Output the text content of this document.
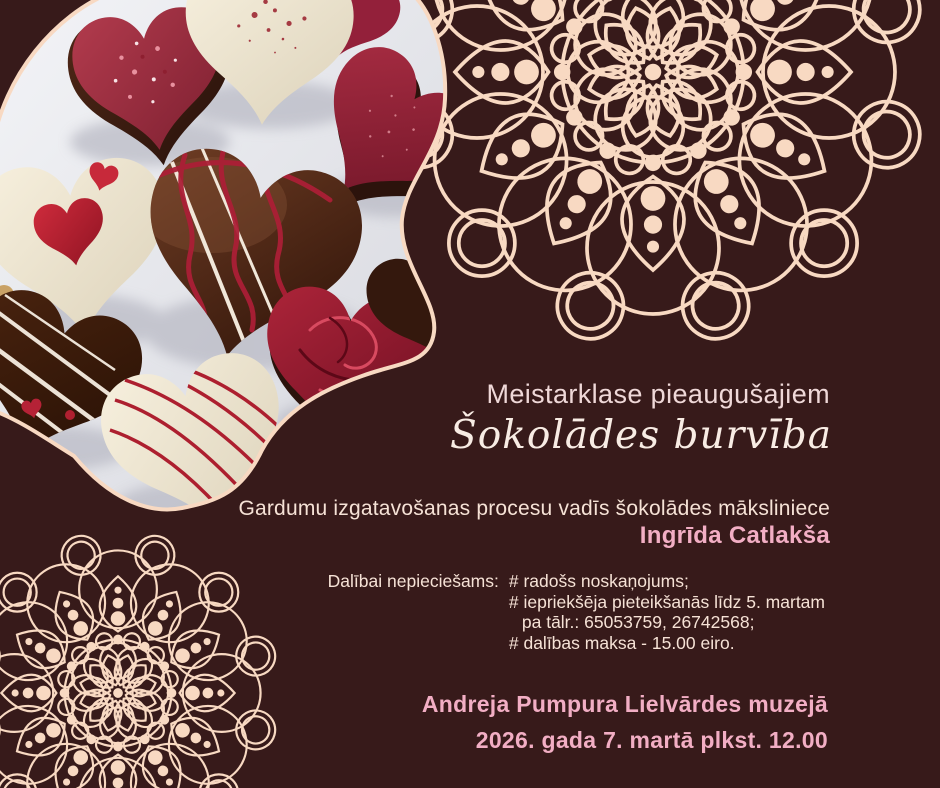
Meistarklase pieaugušajiem
Šokolādes burvība
Gardumu izgatavošanas procesu vadīs šokolādes māksliniece
Ingrīda Catlakša
Dalībai nepieciešams: # radošs noskaņojums;
# iepriekšēja pieteikšanās līdz 5. martam
pa tālr.: 65053759, 26742568;
# dalības maksa - 15.00 eiro.
Andreja Pumpura Lielvārdes muzejā
2026. gada 7. martā plkst. 12.00
